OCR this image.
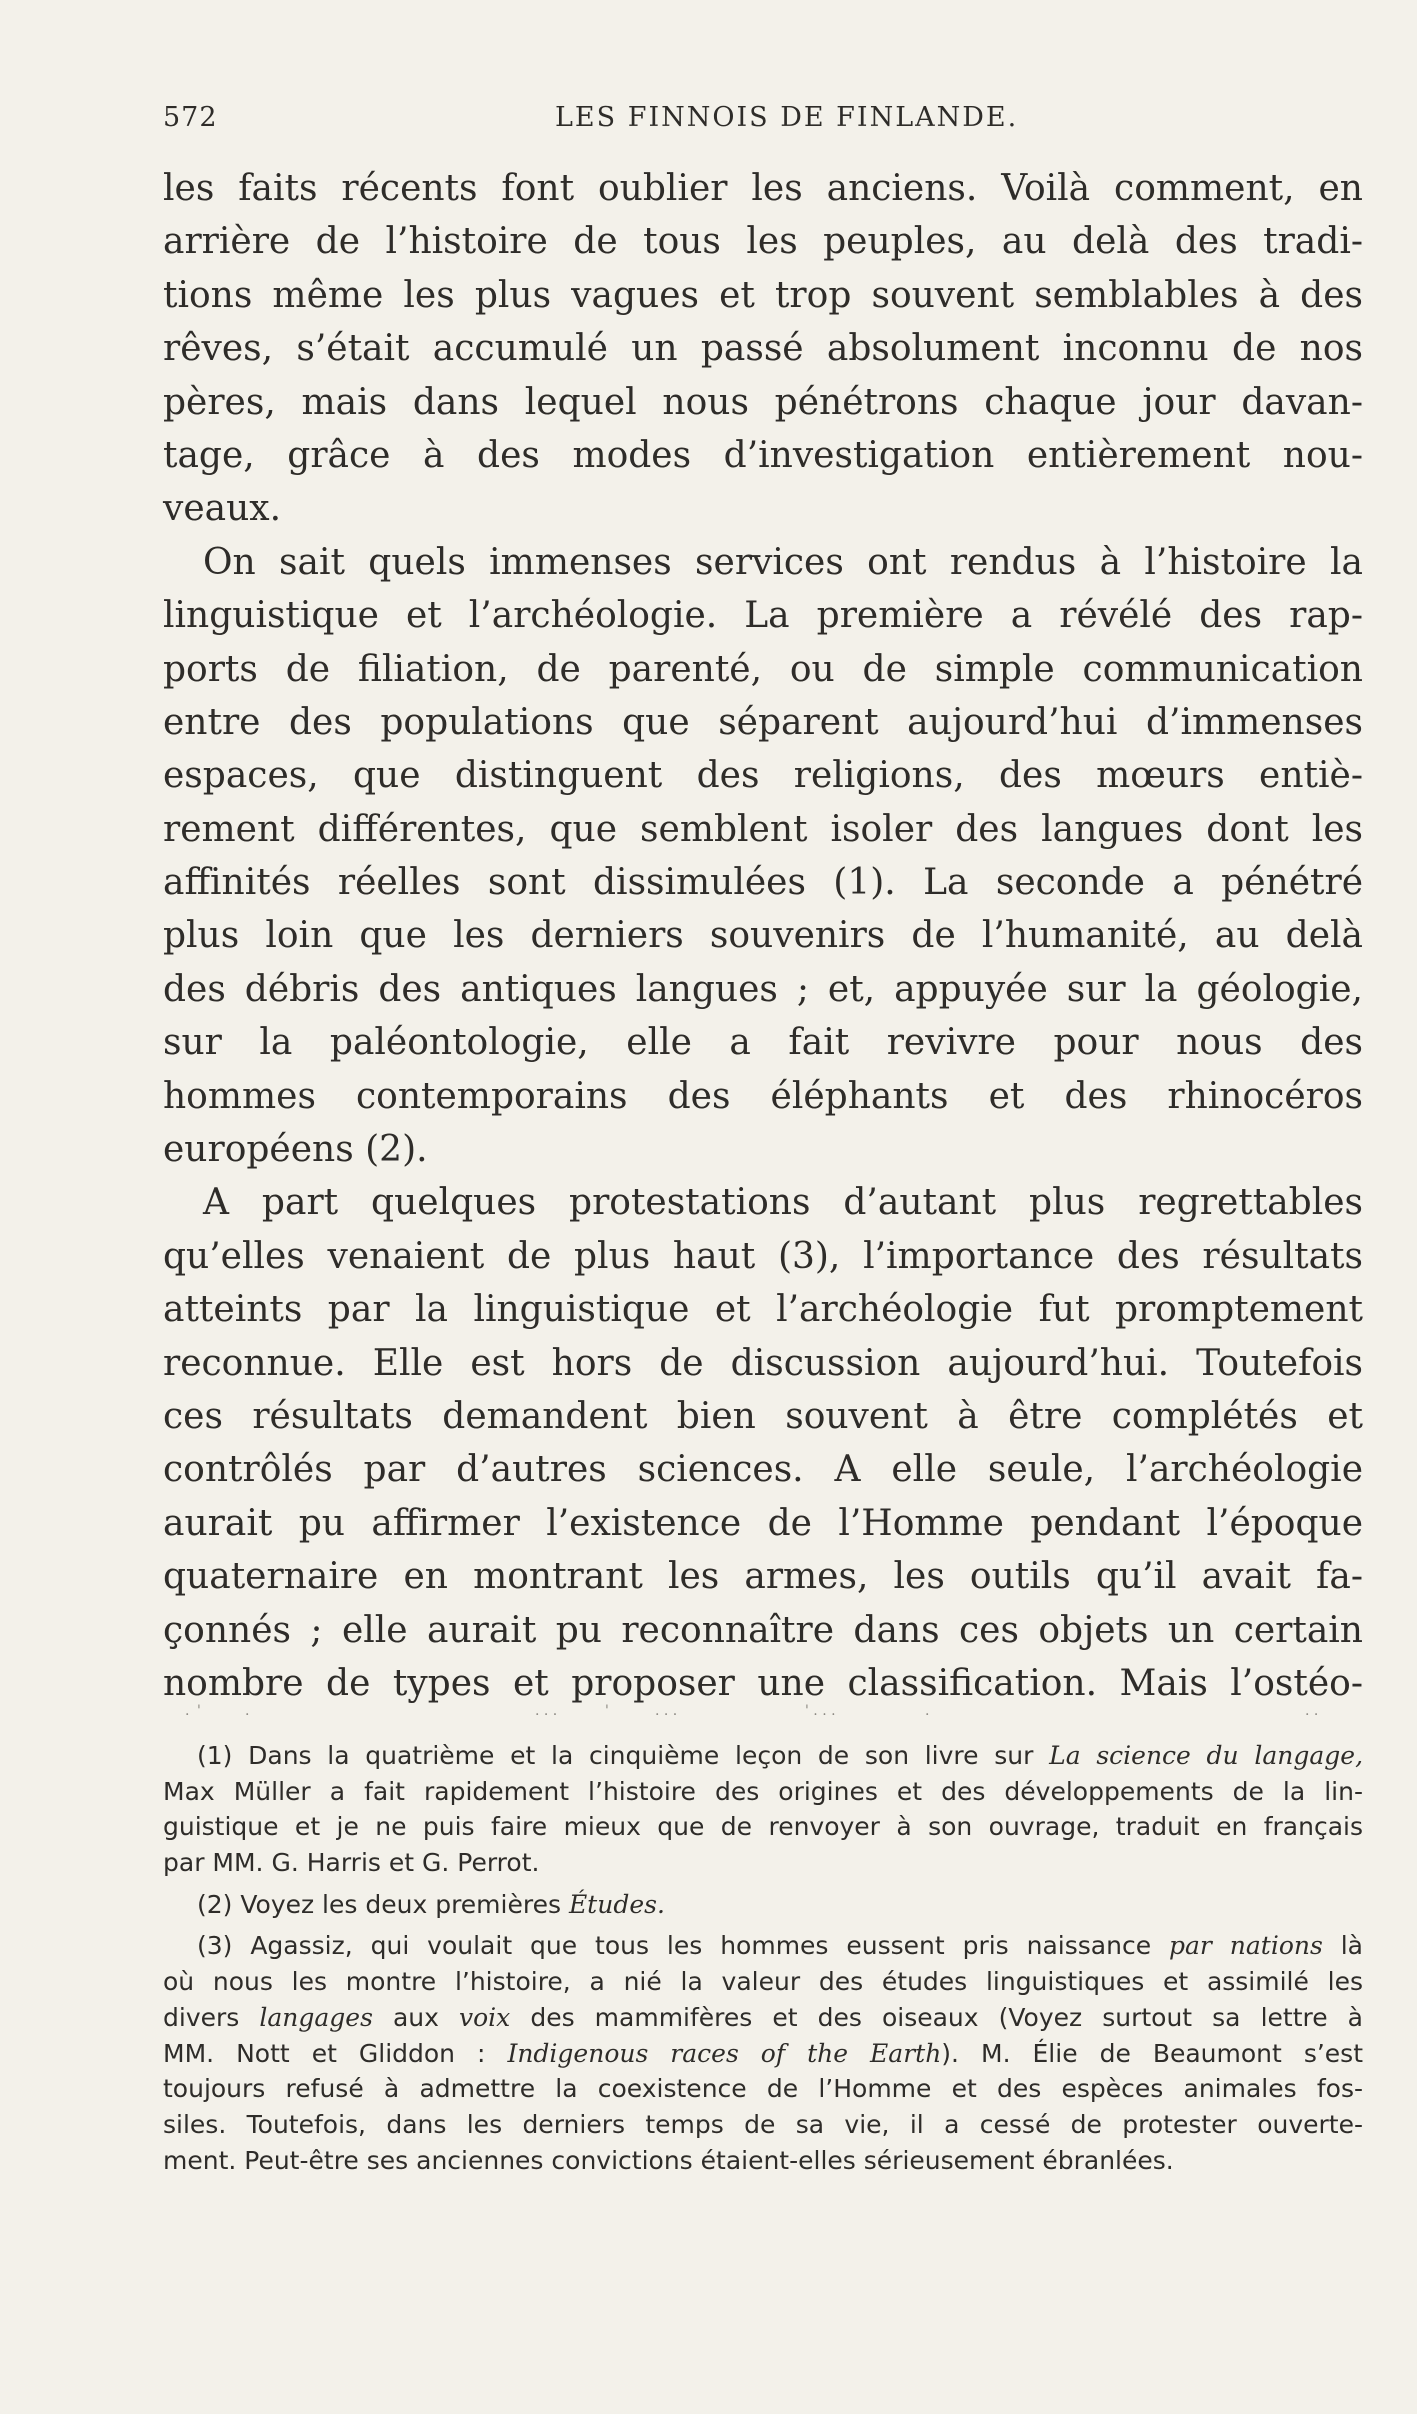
572	LES FINNOIS DE FINLANDE.
les faits récents font oublier les anciens. Voilà comment, en
arrière de l’histoire de tous les peuples, au delà des tradi-
tions même les plus vagues et trop souvent semblables à des
rêves, s’était accumulé un passé absolument inconnu de nos
pères, mais dans lequel nous pénétrons chaque jour davan-
tage, grâce à des modes d’investigation entièrement nou-
veaux.
On sait quels immenses services ont rendus à l’histoire la
linguistique et l’archéologie. La première a révélé des rap-
ports de filiation, de parenté, ou de simple communication
entre des populations que séparent aujourd’hui d’immenses
espaces, que distinguent des religions, des mœurs entiè-
rement différentes, que semblent isoler des langues dont les
affinités réelles sont dissimulées (1). La seconde a pénétré
plus loin que les derniers souvenirs de l’humanité, au delà
des débris des antiques langues ; et, appuyée sur la géologie,
sur la paléontologie, elle a fait revivre pour nous des
hommes contemporains des éléphants et des rhinocéros
européens (2).
A part quelques protestations d’autant plus regrettables
qu’elles venaient de plus haut (3), l’importance des résultats
atteints par la linguistique et l’archéologie fut promptement
reconnue. Elle est hors de discussion aujourd’hui. Toutefois
ces résultats demandent bien souvent à être complétés et
contrôlés par d’autres sciences. A elle seule, l’archéologie
aurait pu affirmer l’existence de l’Homme pendant l’époque
quaternaire en montrant les armes, les outils qu’il avait fa-
çonnés ; elle aurait pu reconnaître dans ces objets un certain
nombre de types et proposer une classification. Mais l’ostéo-
. '	.	. . .	'	. . .	' . . .	.	. .
(1) Dans la quatrième et la cinquième leçon de son livre sur La science du langage,
Max Müller a fait rapidement l’histoire des origines et des développements de la lin-
guistique et je ne puis faire mieux que de renvoyer à son ouvrage, traduit en français
par MM. G. Harris et G. Perrot.
(2) Voyez les deux premières Études.
(3) Agassiz, qui voulait que tous les hommes eussent pris naissance par nations là
où nous les montre l’histoire, a nié la valeur des études linguistiques et assimilé les
divers langages aux voix des mammifères et des oiseaux (Voyez surtout sa lettre à
MM. Nott et Gliddon : Indigenous races of the Earth). M. Élie de Beaumont s’est
toujours refusé à admettre la coexistence de l’Homme et des espèces animales fos-
siles. Toutefois, dans les derniers temps de sa vie, il a cessé de protester ouverte-
ment. Peut-être ses anciennes convictions étaient-elles sérieusement ébranlées.
